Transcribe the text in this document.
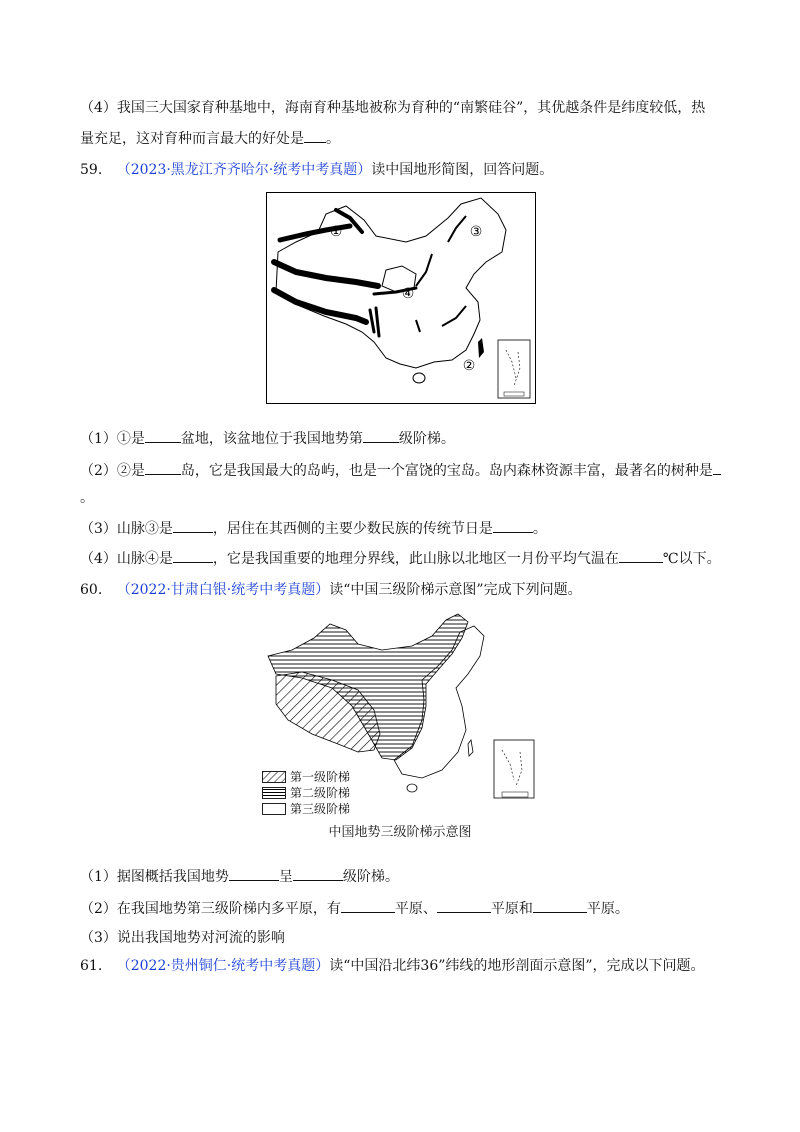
（4）我国三大国家育种基地中，海南育种基地被称为育种的“南繁硅谷”，其优越条件是纬度较低，热
量充足，这对育种而言最大的好处是 。
59. （2023·黑龙江齐齐哈尔·统考中考真题）读中国地形简图，回答问题。
①	③
④
②
（1）①是	盆地，该盆地位于我国地势第	级阶梯。
（2）②是	岛，它是我国最大的岛屿，也是一个富饶的宝岛。岛内森林资源丰富，最著名的树种是
。
（3）山脉③是	，居住在其西侧的主要少数民族的传统节日是	。
（4）山脉④是	，它是我国重要的地理分界线，此山脉以北地区一月份平均气温在	℃以下。
60. （2022·甘肃白银·统考中考真题）读“中国三级阶梯示意图”完成下列问题。
第一级阶梯
第二级阶梯
第三级阶梯
中国地势三级阶梯示意图
（1）据图概括我国地势	呈	级阶梯。
（2）在我国地势第三级阶梯内多平原，有	平原、	平原和	平原。
（3）说出我国地势对河流的影响
61. （2022·贵州铜仁·统考中考真题）读“中国沿北纬36”纬线的地形剖面示意图”，完成以下问题。
